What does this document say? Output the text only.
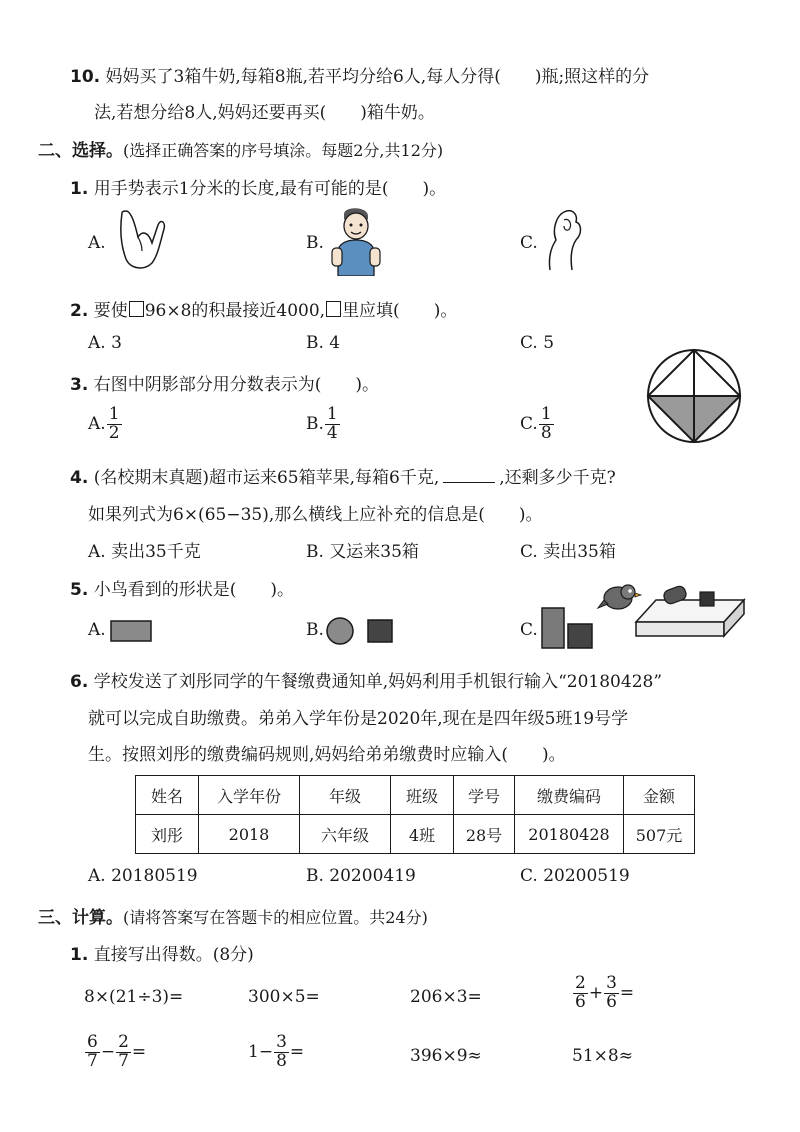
10. 妈妈买了3箱牛奶,每箱8瓶,若平均分给6人,每人分得(　　)瓶;照这样的分
法,若想分给8人,妈妈还要再买(　　)箱牛奶。
二、选择。(选择正确答案的序号填涂。每题2分,共12分)
1. 用手势表示1分米的长度,最有可能的是(　　)。
A.	B.	C.
2. 要使 96×8的积最接近4000, 里应填(　　)。
A. 3	B. 4	C. 5
3. 右图中阴影部分用分数表示为(　　)。
A. $\frac{1}{2}$	B. $\frac{1}{4}$	C. $\frac{1}{8}$
4. (名校期末真题)超市运来65箱苹果,每箱6千克,	,还剩多少千克?
如果列式为6×(65−35),那么横线上应补充的信息是(　　)。
A. 卖出35千克	B. 又运来35箱	C. 卖出35箱
5. 小鸟看到的形状是(　　)。
A.	B.	C.
6. 学校发送了刘彤同学的午餐缴费通知单,妈妈利用手机银行输入“20180428”
就可以完成自助缴费。弟弟入学年份是2020年,现在是四年级5班19号学
生。按照刘彤的缴费编码规则,妈妈给弟弟缴费时应输入(　　)。
姓名	入学年份	年级	班级	学号	缴费编码	金额
刘彤	2018	六年级	4班	28号	20180428	507元
A. 20180519	B. 20200419	C. 20200519
三、计算。(请将答案写在答题卡的相应位置。共24分)
1. 直接写出得数。(8分)
8×(21÷3)=	300×5=	206×3=	$\frac{2}{6} + \frac{3}{6}$ =
$\frac{6}{7} - \frac{2}{7}$ =	$1- \frac{3}{8}$ =	396×9≈	51×8≈
